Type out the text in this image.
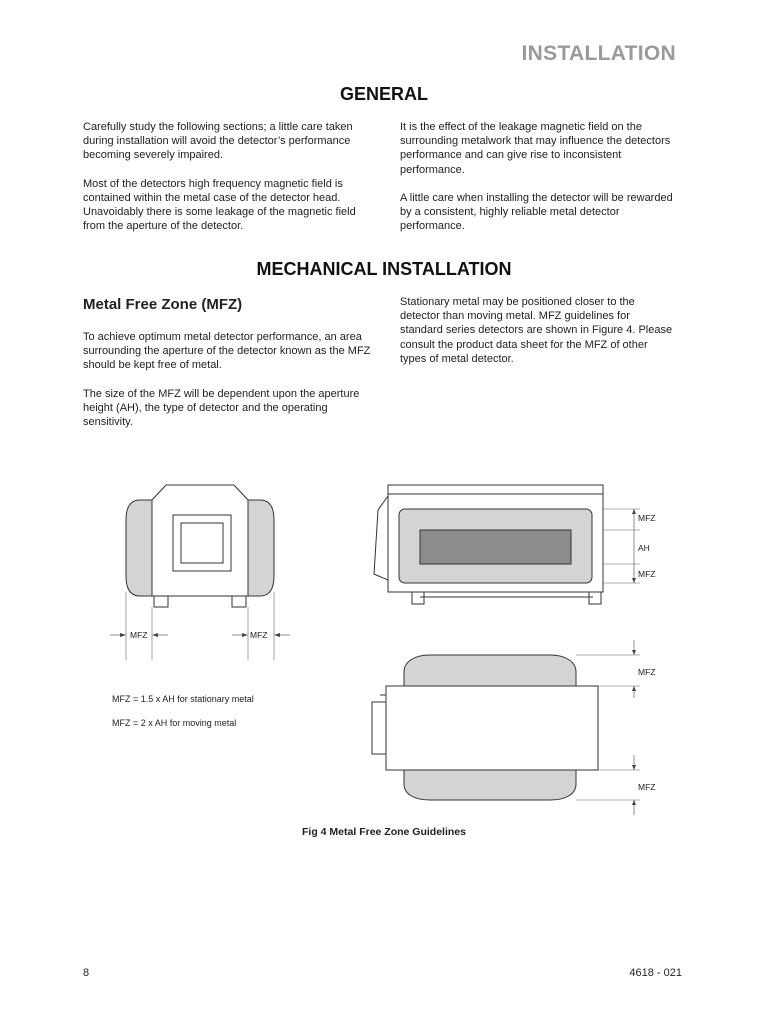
INSTALLATION
GENERAL

Carefully study the following sections; a little care taken during installation will avoid the detector’s performance becoming severely impaired.

Most of the detectors high frequency magnetic field is contained within the metal case of the detector head. Unavoidably there is some leakage of the magnetic field from the aperture of the detector.

It is the effect of the leakage magnetic field on the surrounding metalwork that may influence the detectors performance and can give rise to inconsistent performance.

A little care when installing the detector will be rewarded by a consistent, highly reliable metal detector performance.

MECHANICAL INSTALLATION
Metal Free Zone (MFZ)

To achieve optimum metal detector performance, an area surrounding the aperture of the detector known as the MFZ should be kept free of metal.

The size of the MFZ will be dependent upon the aperture height (AH), the type of detector and the operating sensitivity.

Stationary metal may be positioned closer to the detector than moving metal. MFZ guidelines for standard series detectors are shown in Figure 4. Please consult the product data sheet for the MFZ of other types of metal detector.

MFZ	MFZ
MFZ = 1.5 x AH for stationary metal
MFZ = 2 x AH for moving metal
MFZ
AH
MFZ
MFZ
MFZ
Fig 4 Metal Free Zone Guidelines
8	4618 - 021
